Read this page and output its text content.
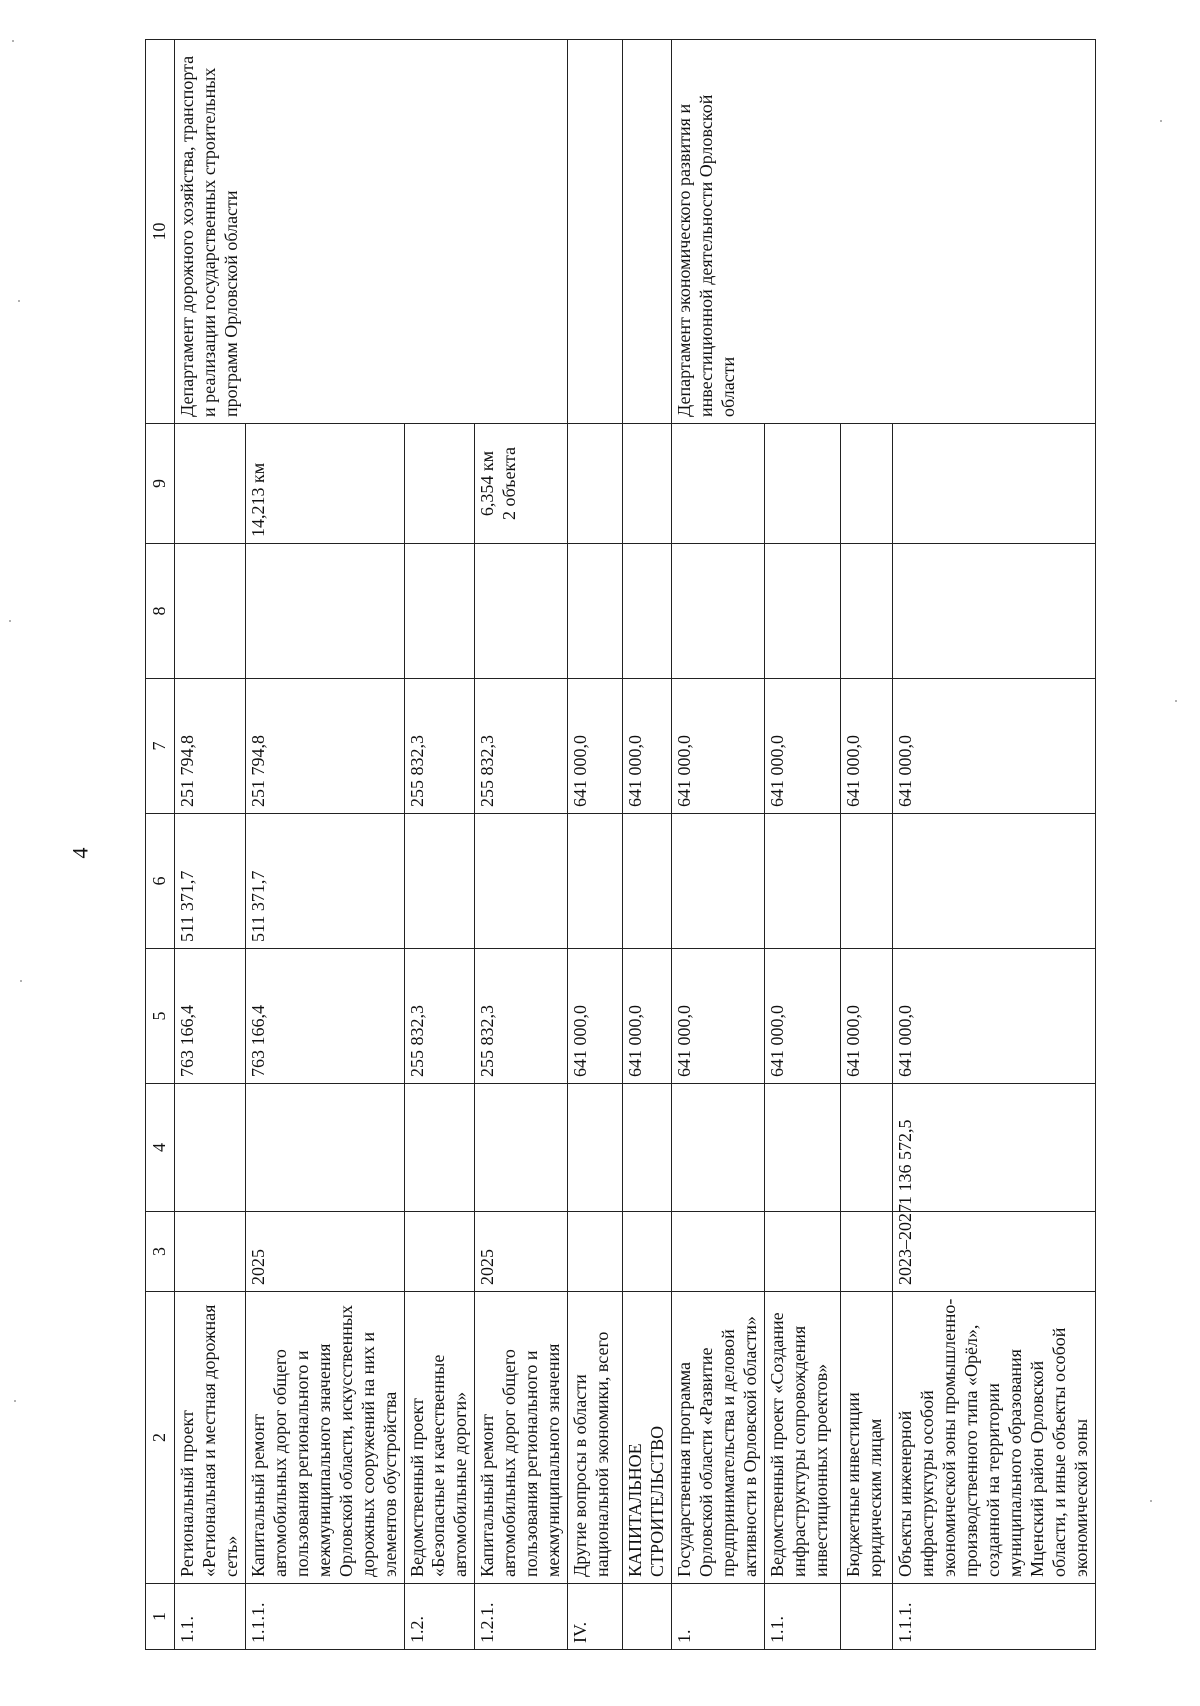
4
1	2	3	4	5	6	7	8	9	10
1.1.	Региональный проект «Региональная и местная дорожная сеть»			763 166,4	511 371,7	251 794,8			Департамент дорожного хозяйства, транспорта и реализации государственных строительных программ Орловской области
1.1.1.	Капитальный ремонт автомобильных дорог общего пользования регионального и межмуниципального значения Орловской области, искусственных дорожных сооружений на них и элементов обустройства	2025		763 166,4	511 371,7	251 794,8		14,213 км	
1.2.	Ведомственный проект «Безопасные и качественные автомобильные дороги»			255 832,3		255 832,3			
1.2.1.	Капитальный ремонт автомобильных дорог общего пользования регионального и межмуниципального значения	2025		255 832,3		255 832,3		6,354 км
2 объекта	
IV.	Другие вопросы в области национальной экономики, всего			641 000,0		641 000,0			
	КАПИТАЛЬНОЕ СТРОИТЕЛЬСТВО			641 000,0		641 000,0			
1.	Государственная программа Орловской области «Развитие предпринимательства и деловой активности в Орловской области»			641 000,0		641 000,0			Департамент экономического развития и инвестиционной деятельности Орловской области
1.1.	Ведомственный проект «Создание инфраструктуры сопровождения инвестиционных проектов»			641 000,0		641 000,0			
	Бюджетные инвестиции юридическим лицам			641 000,0		641 000,0			
1.1.1.	Объекты инженерной инфраструктуры особой экономической зоны промышленно-производственного типа «Орёл», созданной на территории муниципального образования Мценский район Орловской области, и иные объекты особой экономической зоны	2023–2027	1 136 572,5	641 000,0		641 000,0			
